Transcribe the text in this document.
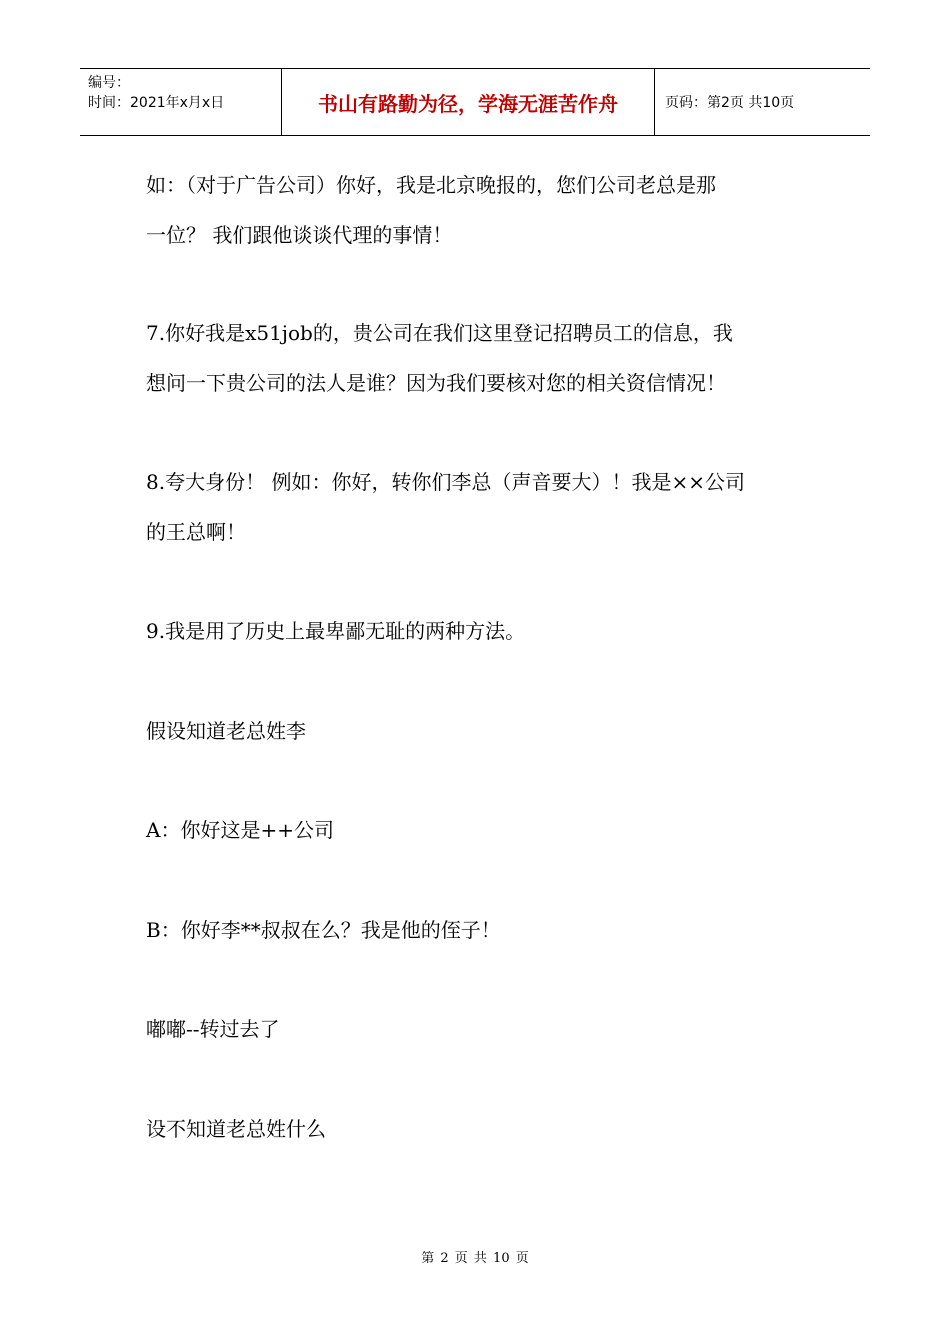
编号：
时间：2021年x月x日	书山有路勤为径，学海无涯苦作舟	页码：第2页 共10页

如：（对于广告公司）你好，我是北京晚报的，您们公司老总是那

一位？ 我们跟他谈谈代理的事情！

7.你好我是x51job的，贵公司在我们这里登记招聘员工的信息，我

想问一下贵公司的法人是谁？因为我们要核对您的相关资信情况！

8.夸大身份！ 例如：你好，转你们李总（声音要大）！我是××公司

的王总啊！

9.我是用了历史上最卑鄙无耻的两种方法。

假设知道老总姓李

A：你好这是++公司

B：你好李**叔叔在么？我是他的侄子！

嘟嘟--转过去了

设不知道老总姓什么

第 2 页 共 10 页
